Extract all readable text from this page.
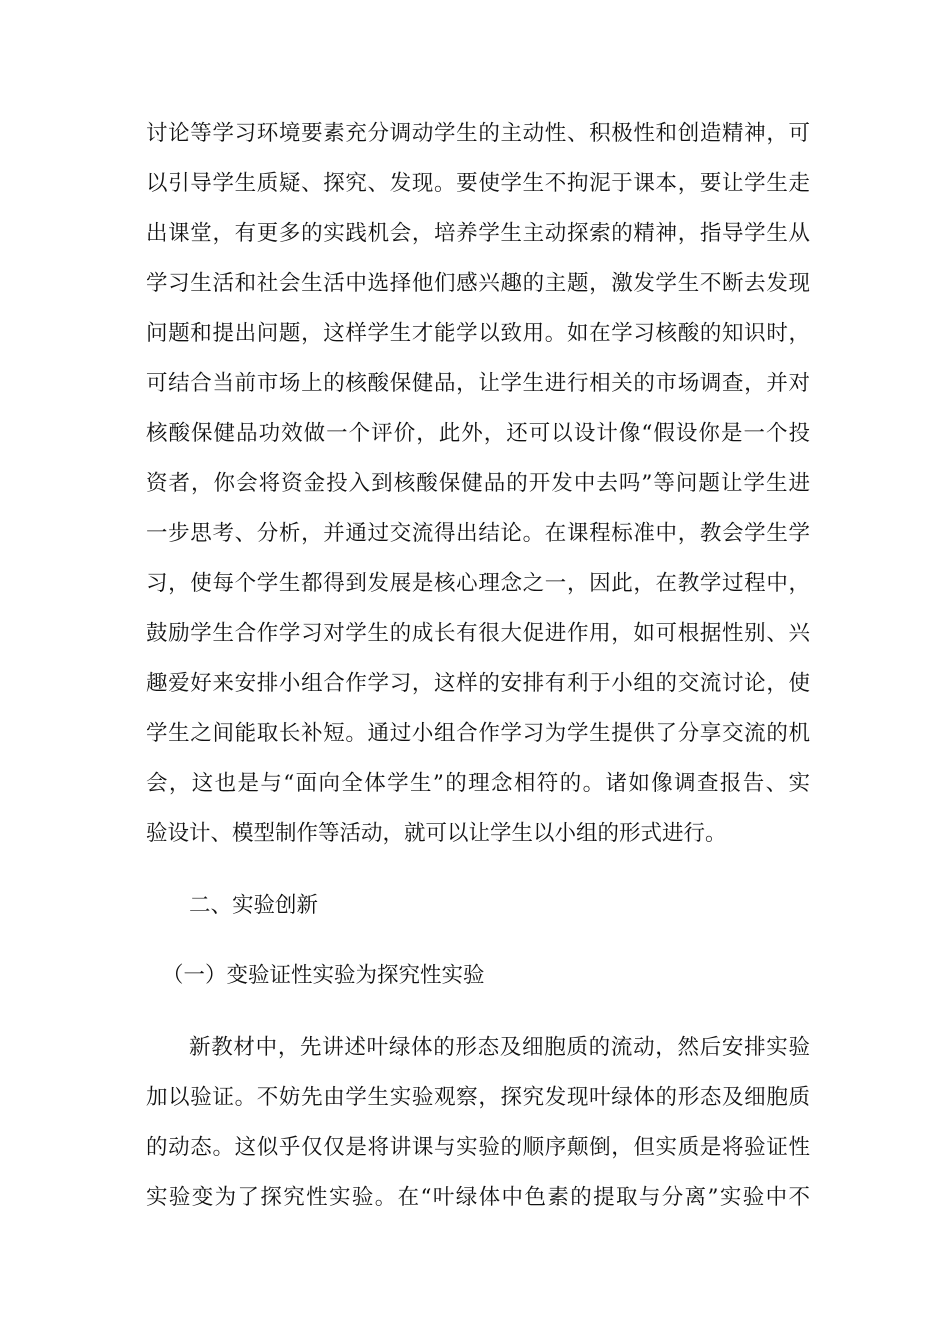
讨论等学习环境要素充分调动学生的主动性、积极性和创造精神，可
以引导学生质疑、探究、发现。要使学生不拘泥于课本，要让学生走
出课堂，有更多的实践机会，培养学生主动探索的精神，指导学生从
学习生活和社会生活中选择他们感兴趣的主题，激发学生不断去发现
问题和提出问题，这样学生才能学以致用。如在学习核酸的知识时，
可结合当前市场上的核酸保健品，让学生进行相关的市场调查，并对
核酸保健品功效做一个评价，此外，还可以设计像“假设你是一个投
资者，你会将资金投入到核酸保健品的开发中去吗”等问题让学生进
一步思考、分析，并通过交流得出结论。在课程标准中，教会学生学
习，使每个学生都得到发展是核心理念之一，因此，在教学过程中，
鼓励学生合作学习对学生的成长有很大促进作用，如可根据性别、兴
趣爱好来安排小组合作学习，这样的安排有利于小组的交流讨论，使
学生之间能取长补短。通过小组合作学习为学生提供了分享交流的机
会，这也是与“面向全体学生”的理念相符的。诸如像调查报告、实
验设计、模型制作等活动，就可以让学生以小组的形式进行。
二、实验创新
（一）变验证性实验为探究性实验
新教材中，先讲述叶绿体的形态及细胞质的流动，然后安排实验
加以验证。不妨先由学生实验观察，探究发现叶绿体的形态及细胞质
的动态。这似乎仅仅是将讲课与实验的顺序颠倒，但实质是将验证性
实验变为了探究性实验。在“叶绿体中色素的提取与分离”实验中不
